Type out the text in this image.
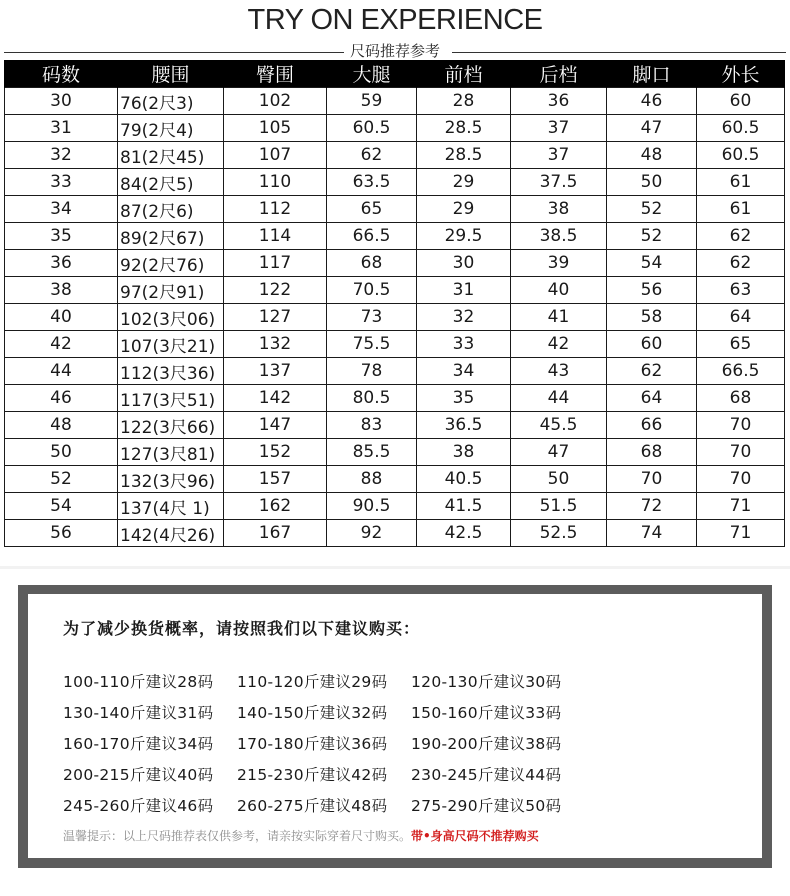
TRY ON EXPERIENCE
尺码推荐参考
码数	腰围	臀围	大腿	前档	后档	脚口	外长
30	76(2尺3)	102	59	28	36	46	60
31	79(2尺4)	105	60.5	28.5	37	47	60.5
32	81(2尺45)	107	62	28.5	37	48	60.5
33	84(2尺5)	110	63.5	29	37.5	50	61
34	87(2尺6)	112	65	29	38	52	61
35	89(2尺67)	114	66.5	29.5	38.5	52	62
36	92(2尺76)	117	68	30	39	54	62
38	97(2尺91)	122	70.5	31	40	56	63
40	102(3尺06)	127	73	32	41	58	64
42	107(3尺21)	132	75.5	33	42	60	65
44	112(3尺36)	137	78	34	43	62	66.5
46	117(3尺51)	142	80.5	35	44	64	68
48	122(3尺66)	147	83	36.5	45.5	66	70
50	127(3尺81)	152	85.5	38	47	68	70
52	132(3尺96)	157	88	40.5	50	70	70
54	137(4尺 1)	162	90.5	41.5	51.5	72	71
56	142(4尺26)	167	92	42.5	52.5	74	71
为了减少换货概率，请按照我们以下建议购买：
100-110斤建议28码	110-120斤建议29码	120-130斤建议30码
130-140斤建议31码	140-150斤建议32码	150-160斤建议33码
160-170斤建议34码	170-180斤建议36码	190-200斤建议38码
200-215斤建议40码	215-230斤建议42码	230-245斤建议44码
245-260斤建议46码	260-275斤建议48码	275-290斤建议50码
温馨提示：以上尺码推荐表仅供参考，请亲按实际穿着尺寸购买。带•身高尺码不推荐购买
